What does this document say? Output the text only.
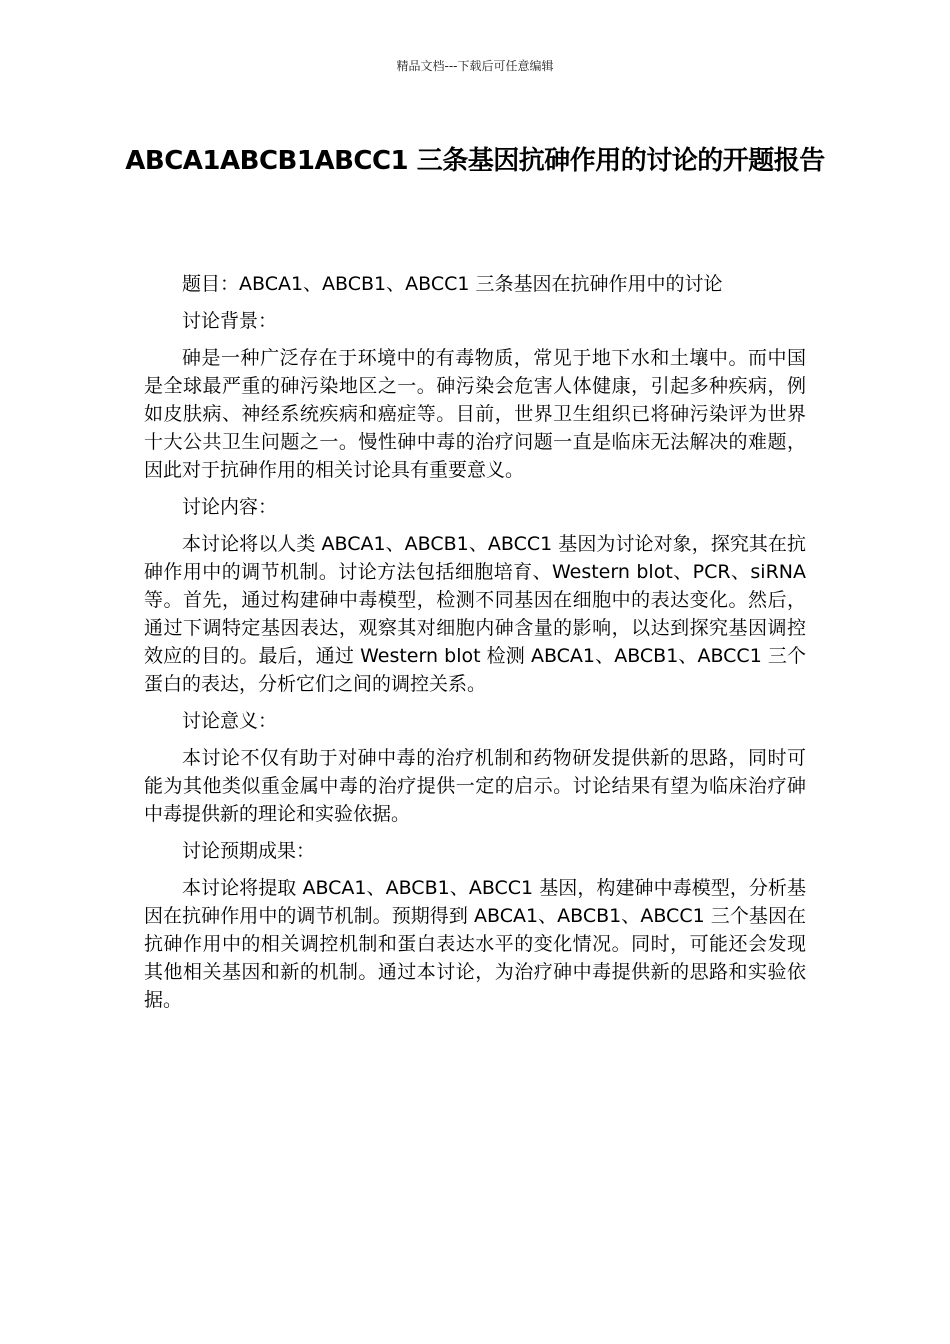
精品文档---下载后可任意编辑
ABCA1ABCB1ABCC1 三条基因抗砷作用的讨论的开题报告

题目：ABCA1、ABCB1、ABCC1 三条基因在抗砷作用中的讨论

讨论背景：

砷是一种广泛存在于环境中的有毒物质，常见于地下水和土壤中。而中国是全球最严重的砷污染地区之一。砷污染会危害人体健康，引起多种疾病，例如皮肤病、神经系统疾病和癌症等。目前，世界卫生组织已将砷污染评为世界十大公共卫生问题之一。慢性砷中毒的治疗问题一直是临床无法解决的难题，因此对于抗砷作用的相关讨论具有重要意义。

讨论内容：

本讨论将以人类 ABCA1、ABCB1、ABCC1 基因为讨论对象，探究其在抗砷作用中的调节机制。讨论方法包括细胞培育、Western blot、PCR、siRNA 等。首先，通过构建砷中毒模型，检测不同基因在细胞中的表达变化。然后，通过下调特定基因表达，观察其对细胞内砷含量的影响，以达到探究基因调控效应的目的。最后，通过 Western blot 检测 ABCA1、ABCB1、ABCC1 三个蛋白的表达，分析它们之间的调控关系。

讨论意义：

本讨论不仅有助于对砷中毒的治疗机制和药物研发提供新的思路，同时可能为其他类似重金属中毒的治疗提供一定的启示。讨论结果有望为临床治疗砷中毒提供新的理论和实验依据。

讨论预期成果：

本讨论将提取 ABCA1、ABCB1、ABCC1 基因，构建砷中毒模型，分析基因在抗砷作用中的调节机制。预期得到 ABCA1、ABCB1、ABCC1 三个基因在抗砷作用中的相关调控机制和蛋白表达水平的变化情况。同时，可能还会发现其他相关基因和新的机制。通过本讨论，为治疗砷中毒提供新的思路和实验依据。
